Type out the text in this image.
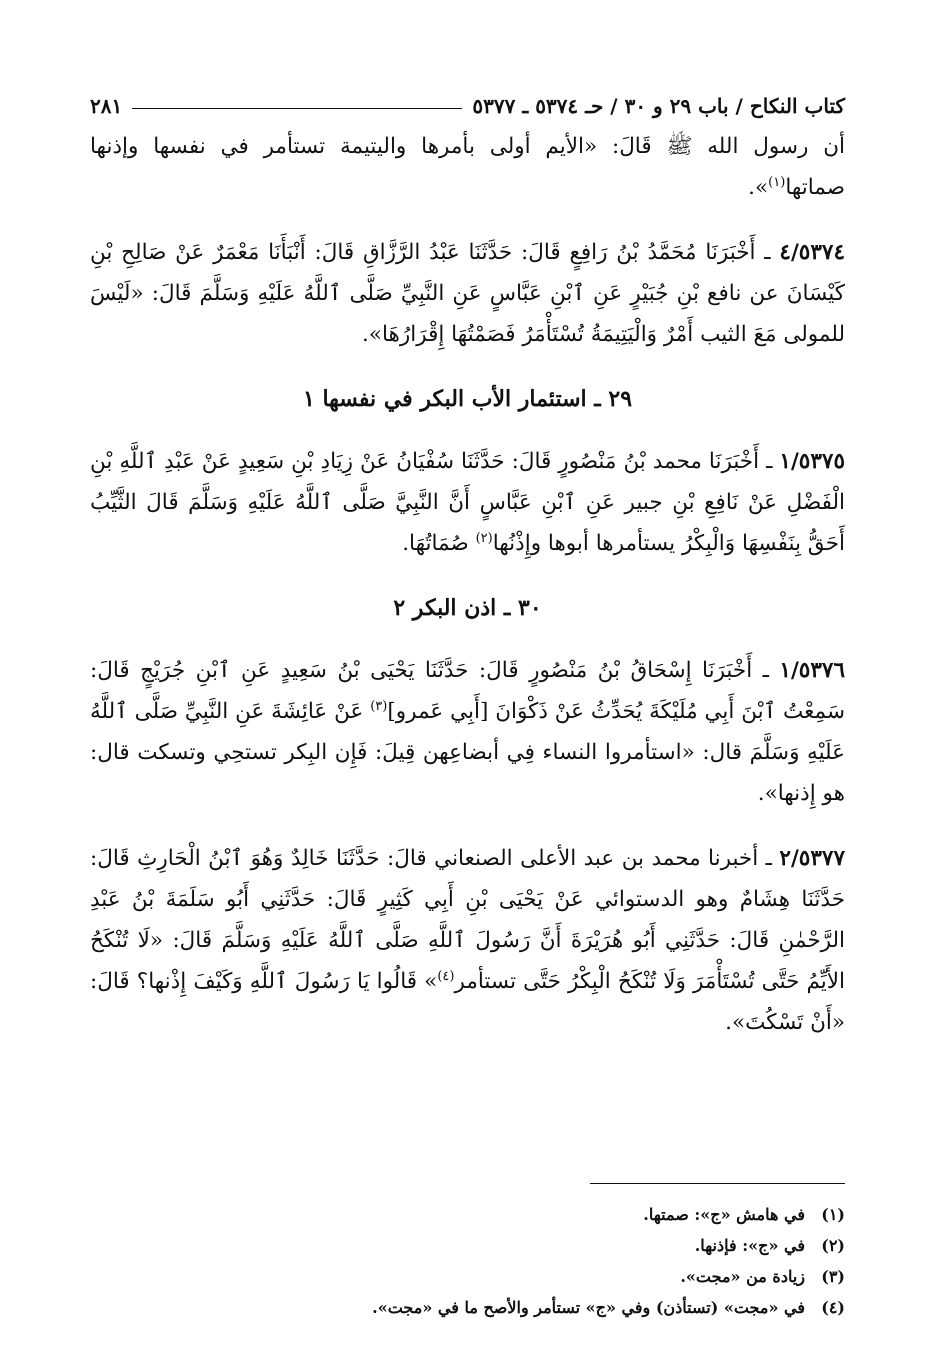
كتاب النكاح / باب ٢٩ و ٣٠ / حـ ٥٣٧٤ ـ ٥٣٧٧
٢٨١

أن رسول الله ﷺ قَالَ: «الأيم أولى بأمرها واليتيمة تستأمر في نفسها وإذنها صماتها$^{(١)}$».

٤/٥٣٧٤ ـ أَخْبَرَنَا مُحَمَّدُ بْنُ رَافِعٍ قَالَ: حَدَّثَنَا عَبْدُ الرَّزَّاقِ قَالَ: أَنْبَأَنَا مَعْمَرٌ عَنْ صَالِحِ بْنِ كَيْسَانَ عن نافع بْنِ جُبَيْرٍ عَنِ ٱبْنِ عَبَّاسٍ عَنِ النَّبِيِّ صَلَّى ٱللَّهُ عَلَيْهِ وَسَلَّمَ قَالَ: «لَيْسَ للمولى مَعَ الثيب أَمْرٌ وَالْيَتِيمَةُ تُسْتَأْمَرُ فَصَمْتُهَا إِقْرَارُهَا».

٢٩ ـ استئمار الأب البكر في نفسها ١

١/٥٣٧٥ ـ أَخْبَرَنَا محمد بْنُ مَنْصُورٍ قَالَ: حَدَّثَنَا سُفْيَانُ عَنْ زِيَادِ بْنِ سَعِيدٍ عَنْ عَبْدِ ٱللَّهِ بْنِ الْفَضْلِ عَنْ نَافِعِ بْنِ جبير عَنِ ٱبْنِ عَبَّاسٍ أَنَّ النَّبِيَّ صَلَّى ٱللَّهُ عَلَيْهِ وَسَلَّمَ قَالَ الثَّيِّبُ أَحَقُّ بِنَفْسِهَا وَالْبِكْرُ يستأمرها أبوها وإِذْنُها$^{(٢)}$ صُمَاتُهَا.

٣٠ ـ اذن البكر ٢

١/٥٣٧٦ ـ أَخْبَرَنَا إِسْحَاقُ بْنُ مَنْصُورٍ قَالَ: حَدَّثَنَا يَحْيَى بْنُ سَعِيدٍ عَنِ ٱبْنِ جُرَيْجٍ قَالَ: سَمِعْتُ ٱبْنَ أَبِي مُلَيْكَةَ يُحَدِّثُ عَنْ ذَكْوَانَ [أَبِي عَمرو]$^{(٣)}$ عَنْ عَائِشَةَ عَنِ النَّبِيِّ صَلَّى ٱللَّهُ عَلَيْهِ وَسَلَّمَ قال: «استأمروا النساء فِي أبضاعِهن قِيلَ: فَإِن البِكر تستحِي وتسكت قال: هو إِذنها».

٢/٥٣٧٧ ـ أخبرنا محمد بن عبد الأعلى الصنعاني قالَ: حَدَّثَنَا خَالِدٌ وَهُوَ ٱبْنُ الْحَارِثِ قَالَ: حَدَّثَنَا هِشَامٌ وهو الدستوائي عَنْ يَحْيَى بْنِ أَبِي كَثِيرٍ قَالَ: حَدَّثَنِي أَبُو سَلَمَةَ بْنُ عَبْدِ الرَّحْمٰنِ قَالَ: حَدَّثَنِي أَبُو هُرَيْرَةَ أَنَّ رَسُولَ ٱللَّهِ صَلَّى ٱللَّهُ عَلَيْهِ وَسَلَّمَ قَالَ: «لَا تُنْكَحُ الأَيِّمُ حَتَّى تُسْتَأْمَرَ وَلَا تُنْكَحُ الْبِكْرُ حَتَّى تستأمر$^{(٤)}$» قَالُوا يَا رَسُولَ ٱللَّهِ وَكَيْفَ إِذْنها؟ قَالَ: «أَنْ تَسْكُتَ».

(١)في هامش «ج»: صمتها.

(٢)في «ج»: فإذنها.

(٣)زيادة من «مجت».

(٤)في «مجت» (تستأذن) وفي «ج» تستأمر والأصح ما في «مجت».
